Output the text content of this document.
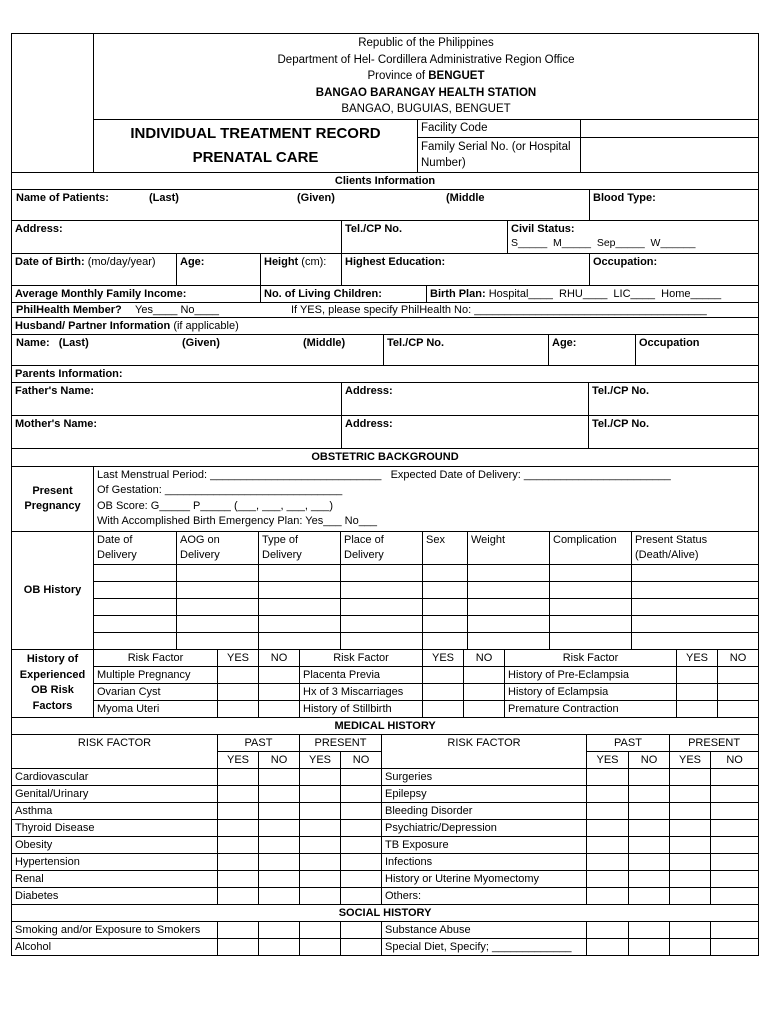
	Republic of the Philippines
Department of Hel- Cordillera Administrative Region Office
Province of BENGUET
BANGAO BARANGAY HEALTH STATION
BANGAO, BUGUIAS, BENGUET		

	INDIVIDUAL TREATMENT RECORD
PRENATAL CARE	Facility Code	
		Family Serial No. (or Hospital Number)	
Clients Information						

Name of Patients: (Last) (Given) (Middle						Blood Type:
Address:			Tel./CP No.		Civil Status:
S_____  M_____  Sep_____  W______	

Date of Birth: (mo/day/year)	Age:	Height (cm):	Highest Education:			Occupation:
Average Monthly Family Income:		No. of Living Children:		Birth Plan: Hospital____  RHU____  LIC____  Home_____		

PhilHealth Member? Yes____ No____ If YES, please specify PhilHealth No: ______________________________________						
Husband/ Partner Information (if applicable)

Name:   (Last)	(Given)	(Middle)	Tel./CP No.	Age:	Occupation
Parents Information:		
Father's Name:	Address:	Tel./CP No.
Mother's Name:	Address:	Tel./CP No.
OBSTETRIC BACKGROUND								
Present Pregnancy	Last Menstrual Period: ____________________________ Expected Date of Delivery: ________________________
Of Gestation: _____________________________
OB Score: G_____ P_____ (___, ___, ___, ___)
With Accomplished Birth Emergency Plan: Yes___ No___							

OB History	Date of Delivery	AOG on Delivery	Type of Delivery	Place of Delivery	Sex	Weight	Complication	Present Status (Death/Alive)

History of Experienced OB Risk Factors	Risk Factor	YES	NO	Risk Factor	YES	NO	Risk Factor	YES	NO
	Multiple Pregnancy			Placenta Previa			History of Pre-Eclampsia		
	Ovarian Cyst			Hx of 3 Miscarriages			History of Eclampsia		
	Myoma Uteri			History of Stillbirth			Premature Contraction		
MEDICAL HISTORY									
RISK FACTOR	PAST		PRESENT		RISK FACTOR	PAST		PRESENT	
	YES	NO	YES	NO		YES	NO	YES	NO
Cardiovascular					Surgeries				
Genital/Urinary					Epilepsy				
Asthma					Bleeding Disorder				
Thyroid Disease					Psychiatric/Depression				
Obesity					TB Exposure				
Hypertension					Infections				
Renal					History or Uterine Myomectomy				
Diabetes					Others:				
SOCIAL HISTORY									
Smoking and/or Exposure to Smokers					Substance Abuse				
Alcohol					Special Diet, Specify; _____________				
